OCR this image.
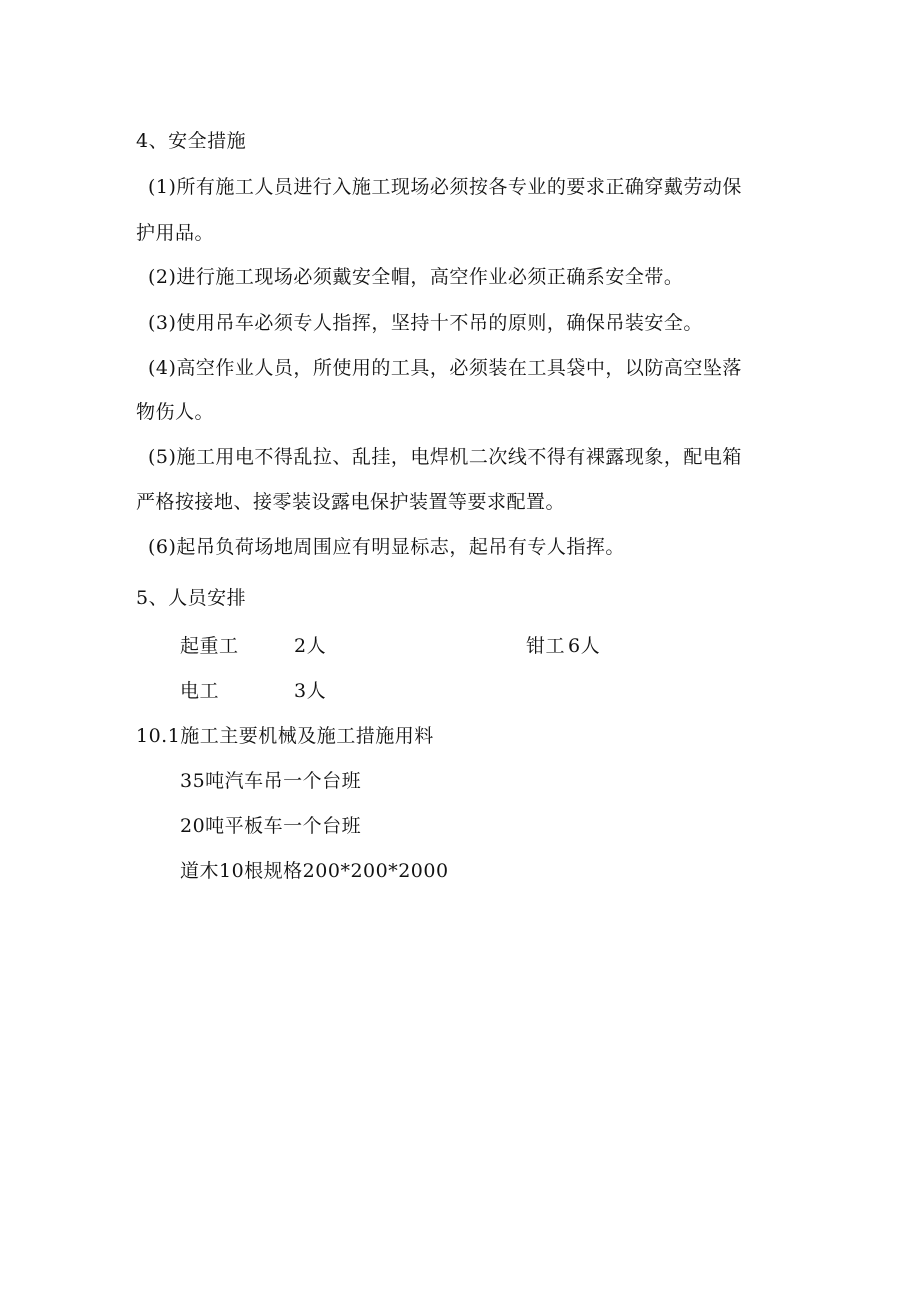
4、安全措施
(1)所有施工人员进行入施工现场必须按各专业的要求正确穿戴劳动保
护用品。
(2)进行施工现场必须戴安全帽，高空作业必须正确系安全带。
(3)使用吊车必须专人指挥，坚持十不吊的原则，确保吊装安全。
(4)高空作业人员，所使用的工具，必须装在工具袋中，以防高空坠落
物伤人。
(5)施工用电不得乱拉、乱挂，电焊机二次线不得有裸露现象，配电箱
严格按接地、接零装设露电保护装置等要求配置。
(6)起吊负荷场地周围应有明显标志，起吊有专人指挥。
5、人员安排
起重工	2人	钳工 6人
电工	3人
10.1施工主要机械及施工措施用料
35吨汽车吊一个台班
20吨平板车一个台班
道木10根规格200*200*2000
